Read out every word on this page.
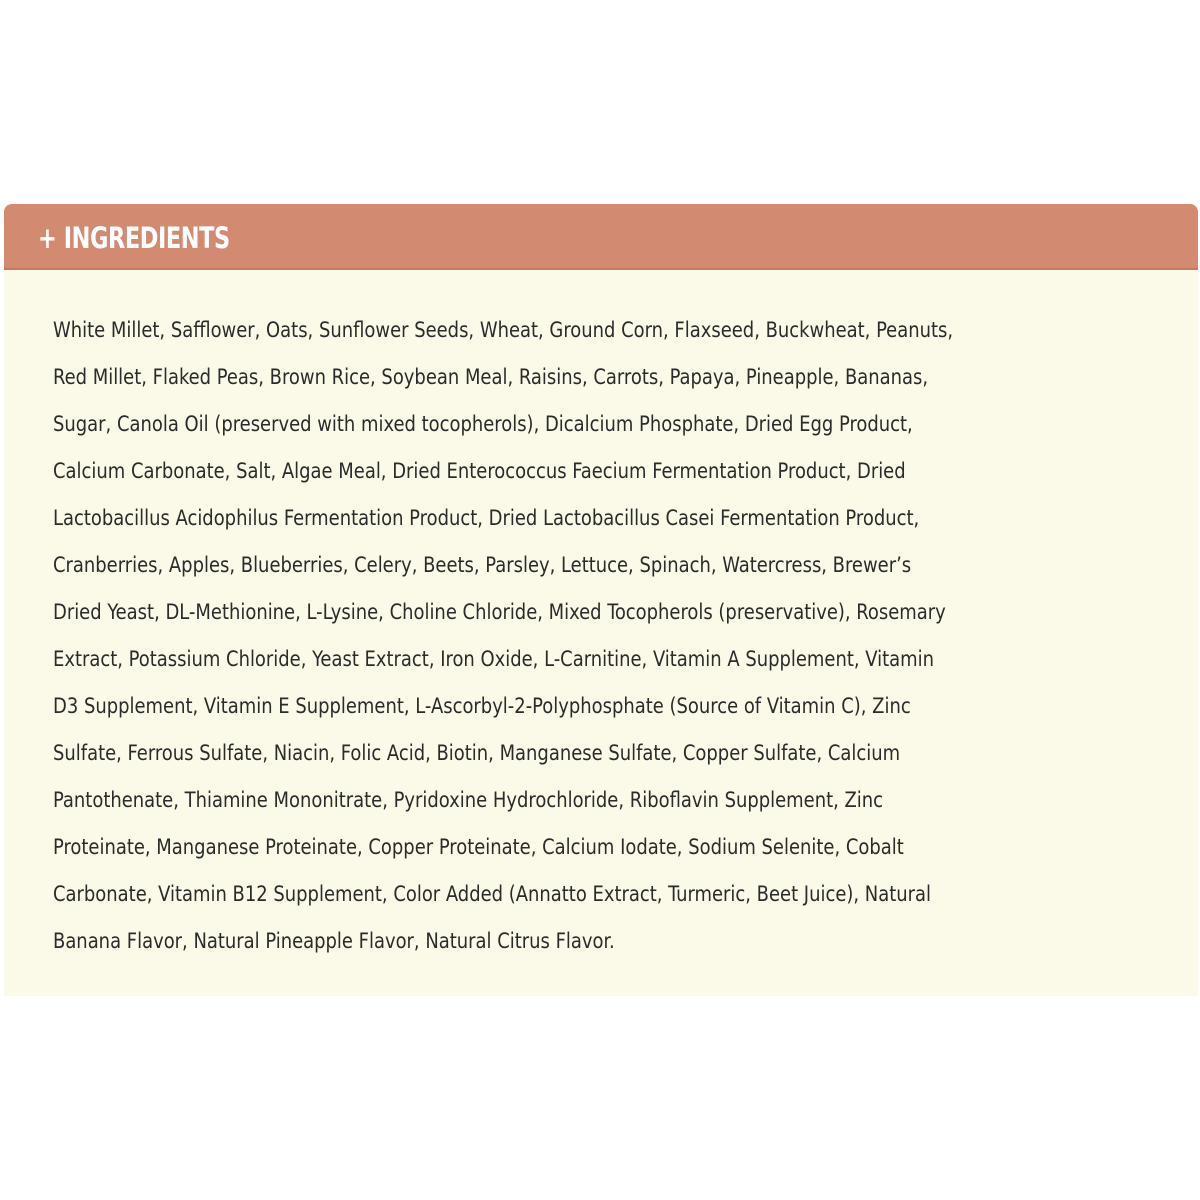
+ INGREDIENTS
White Millet, Safflower, Oats, Sunflower Seeds, Wheat, Ground Corn, Flaxseed, Buckwheat, Peanuts,
Red Millet, Flaked Peas, Brown Rice, Soybean Meal, Raisins, Carrots, Papaya, Pineapple, Bananas,
Sugar, Canola Oil (preserved with mixed tocopherols), Dicalcium Phosphate, Dried Egg Product,
Calcium Carbonate, Salt, Algae Meal, Dried Enterococcus Faecium Fermentation Product, Dried
Lactobacillus Acidophilus Fermentation Product, Dried Lactobacillus Casei Fermentation Product,
Cranberries, Apples, Blueberries, Celery, Beets, Parsley, Lettuce, Spinach, Watercress, Brewer’s
Dried Yeast, DL-Methionine, L-Lysine, Choline Chloride, Mixed Tocopherols (preservative), Rosemary
Extract, Potassium Chloride, Yeast Extract, Iron Oxide, L-Carnitine, Vitamin A Supplement, Vitamin
D3 Supplement, Vitamin E Supplement, L-Ascorbyl-2-Polyphosphate (Source of Vitamin C), Zinc
Sulfate, Ferrous Sulfate, Niacin, Folic Acid, Biotin, Manganese Sulfate, Copper Sulfate, Calcium
Pantothenate, Thiamine Mononitrate, Pyridoxine Hydrochloride, Riboflavin Supplement, Zinc
Proteinate, Manganese Proteinate, Copper Proteinate, Calcium Iodate, Sodium Selenite, Cobalt
Carbonate, Vitamin B12 Supplement, Color Added (Annatto Extract, Turmeric, Beet Juice), Natural
Banana Flavor, Natural Pineapple Flavor, Natural Citrus Flavor.
